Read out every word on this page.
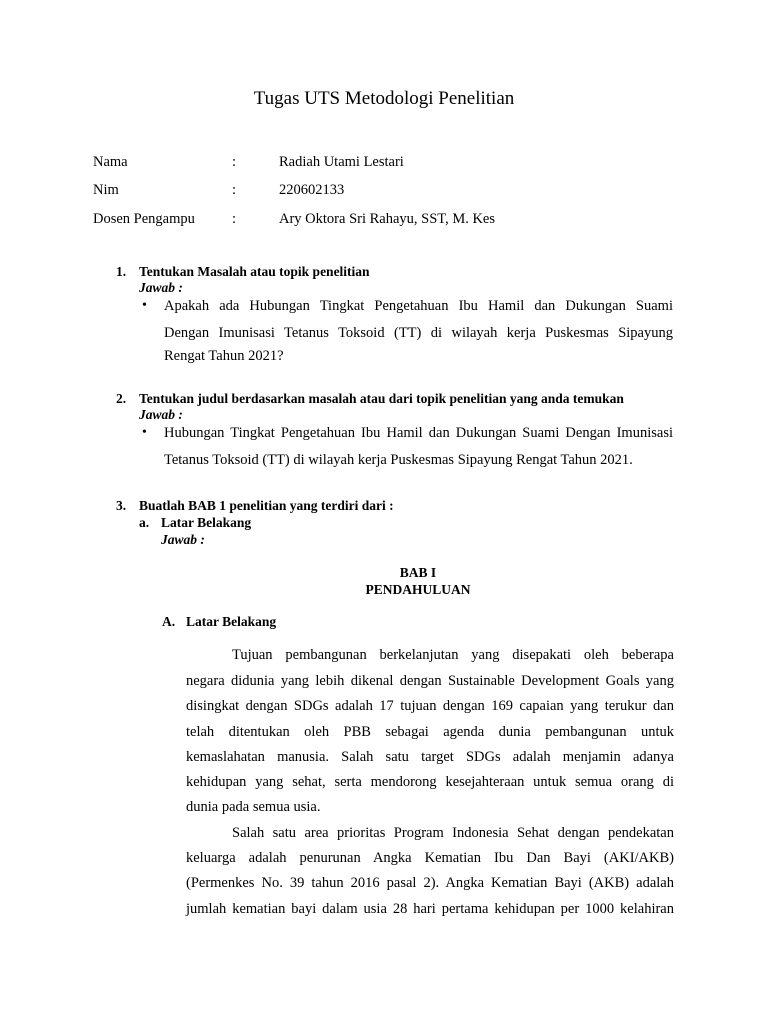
Tugas UTS Metodologi Penelitian
Nama	:	Radiah Utami Lestari
Nim	:	220602133
Dosen Pengampu	:	Ary Oktora Sri Rahayu, SST, M. Kes
1. Tentukan Masalah atau topik penelitian
Jawab :
• Apakah ada Hubungan Tingkat Pengetahuan Ibu Hamil dan Dukungan Suami
Dengan Imunisasi Tetanus Toksoid (TT) di wilayah kerja Puskesmas Sipayung
Rengat Tahun 2021?
2. Tentukan judul berdasarkan masalah atau dari topik penelitian yang anda temukan
Jawab :
• Hubungan Tingkat Pengetahuan Ibu Hamil dan Dukungan Suami Dengan Imunisasi
Tetanus Toksoid (TT) di wilayah kerja Puskesmas Sipayung Rengat Tahun 2021.
3. Buatlah BAB 1 penelitian yang terdiri dari :
a. Latar Belakang
Jawab :
BAB I
PENDAHULUAN
A. Latar Belakang
Tujuan pembangunan berkelanjutan yang disepakati oleh beberapa
negara didunia yang lebih dikenal dengan Sustainable Development Goals yang
disingkat dengan SDGs adalah 17 tujuan dengan 169 capaian yang terukur dan
telah ditentukan oleh PBB sebagai agenda dunia pembangunan untuk
kemaslahatan manusia. Salah satu target SDGs adalah menjamin adanya
kehidupan yang sehat, serta mendorong kesejahteraan untuk semua orang di
dunia pada semua usia.
Salah satu area prioritas Program Indonesia Sehat dengan pendekatan
keluarga adalah penurunan Angka Kematian Ibu Dan Bayi (AKI/AKB)
(Permenkes No. 39 tahun 2016 pasal 2). Angka Kematian Bayi (AKB) adalah
jumlah kematian bayi dalam usia 28 hari pertama kehidupan per 1000 kelahiran
